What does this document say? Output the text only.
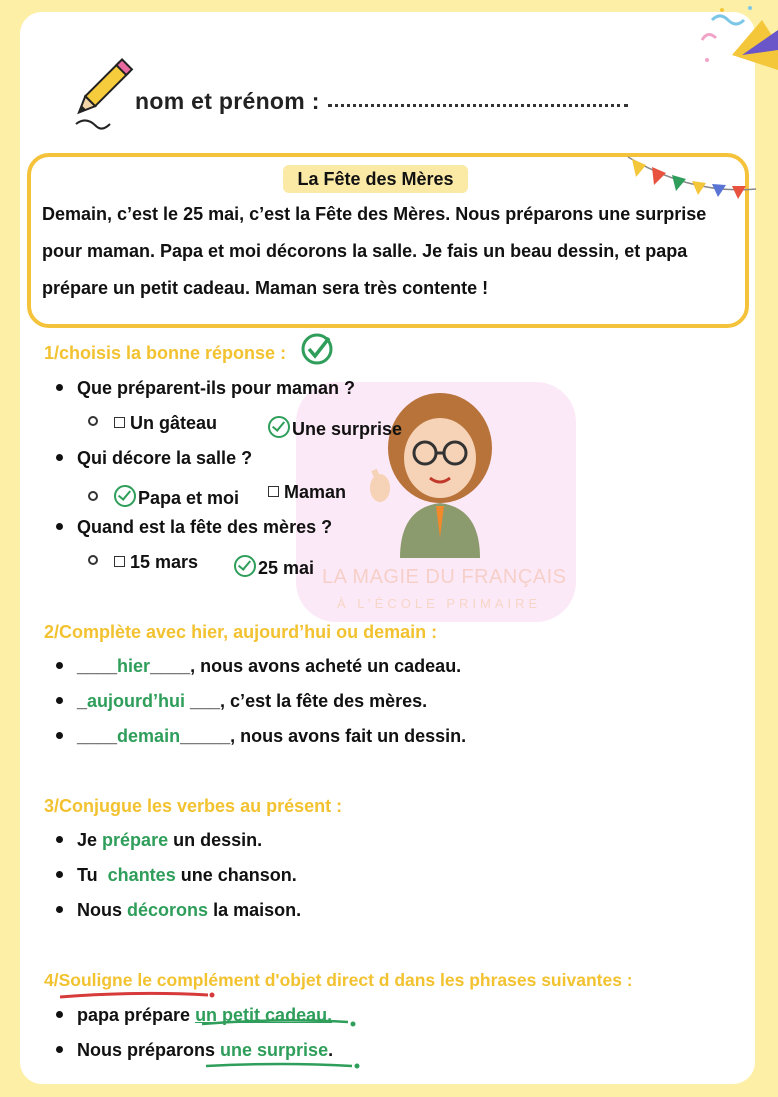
nom et prénom :
La Fête des Mères
Demain, c’est le 25 mai, c’est la Fête des Mères. Nous préparons une surprise pour maman. Papa et moi décorons la salle. Je fais un beau dessin, et papa prépare un petit cadeau. Maman sera très contente !
LA MAGIE DU FRANÇAIS
À L’ÉCOLE PRIMAIRE
1/choisis la bonne réponse :
Que préparent-ils pour maman ?
Un gâteau	Une surprise
Qui décore la salle ?
Papa et moi	Maman
Quand est la fête des mères ?
15 mars	25 mai
2/Complète avec hier, aujourd’hui ou demain :
____hier____, nous avons acheté un cadeau.
_aujourd’hui ___, c’est la fête des mères.
____demain_____, nous avons fait un dessin.
3/Conjugue les verbes au présent :
Je prépare un dessin.
Tu chantes une chanson.
Nous décorons la maison.
4/Souligne le complément d'objet direct d dans les phrases suivantes :
papa prépare un petit cadeau.
Nous préparons une surprise.
